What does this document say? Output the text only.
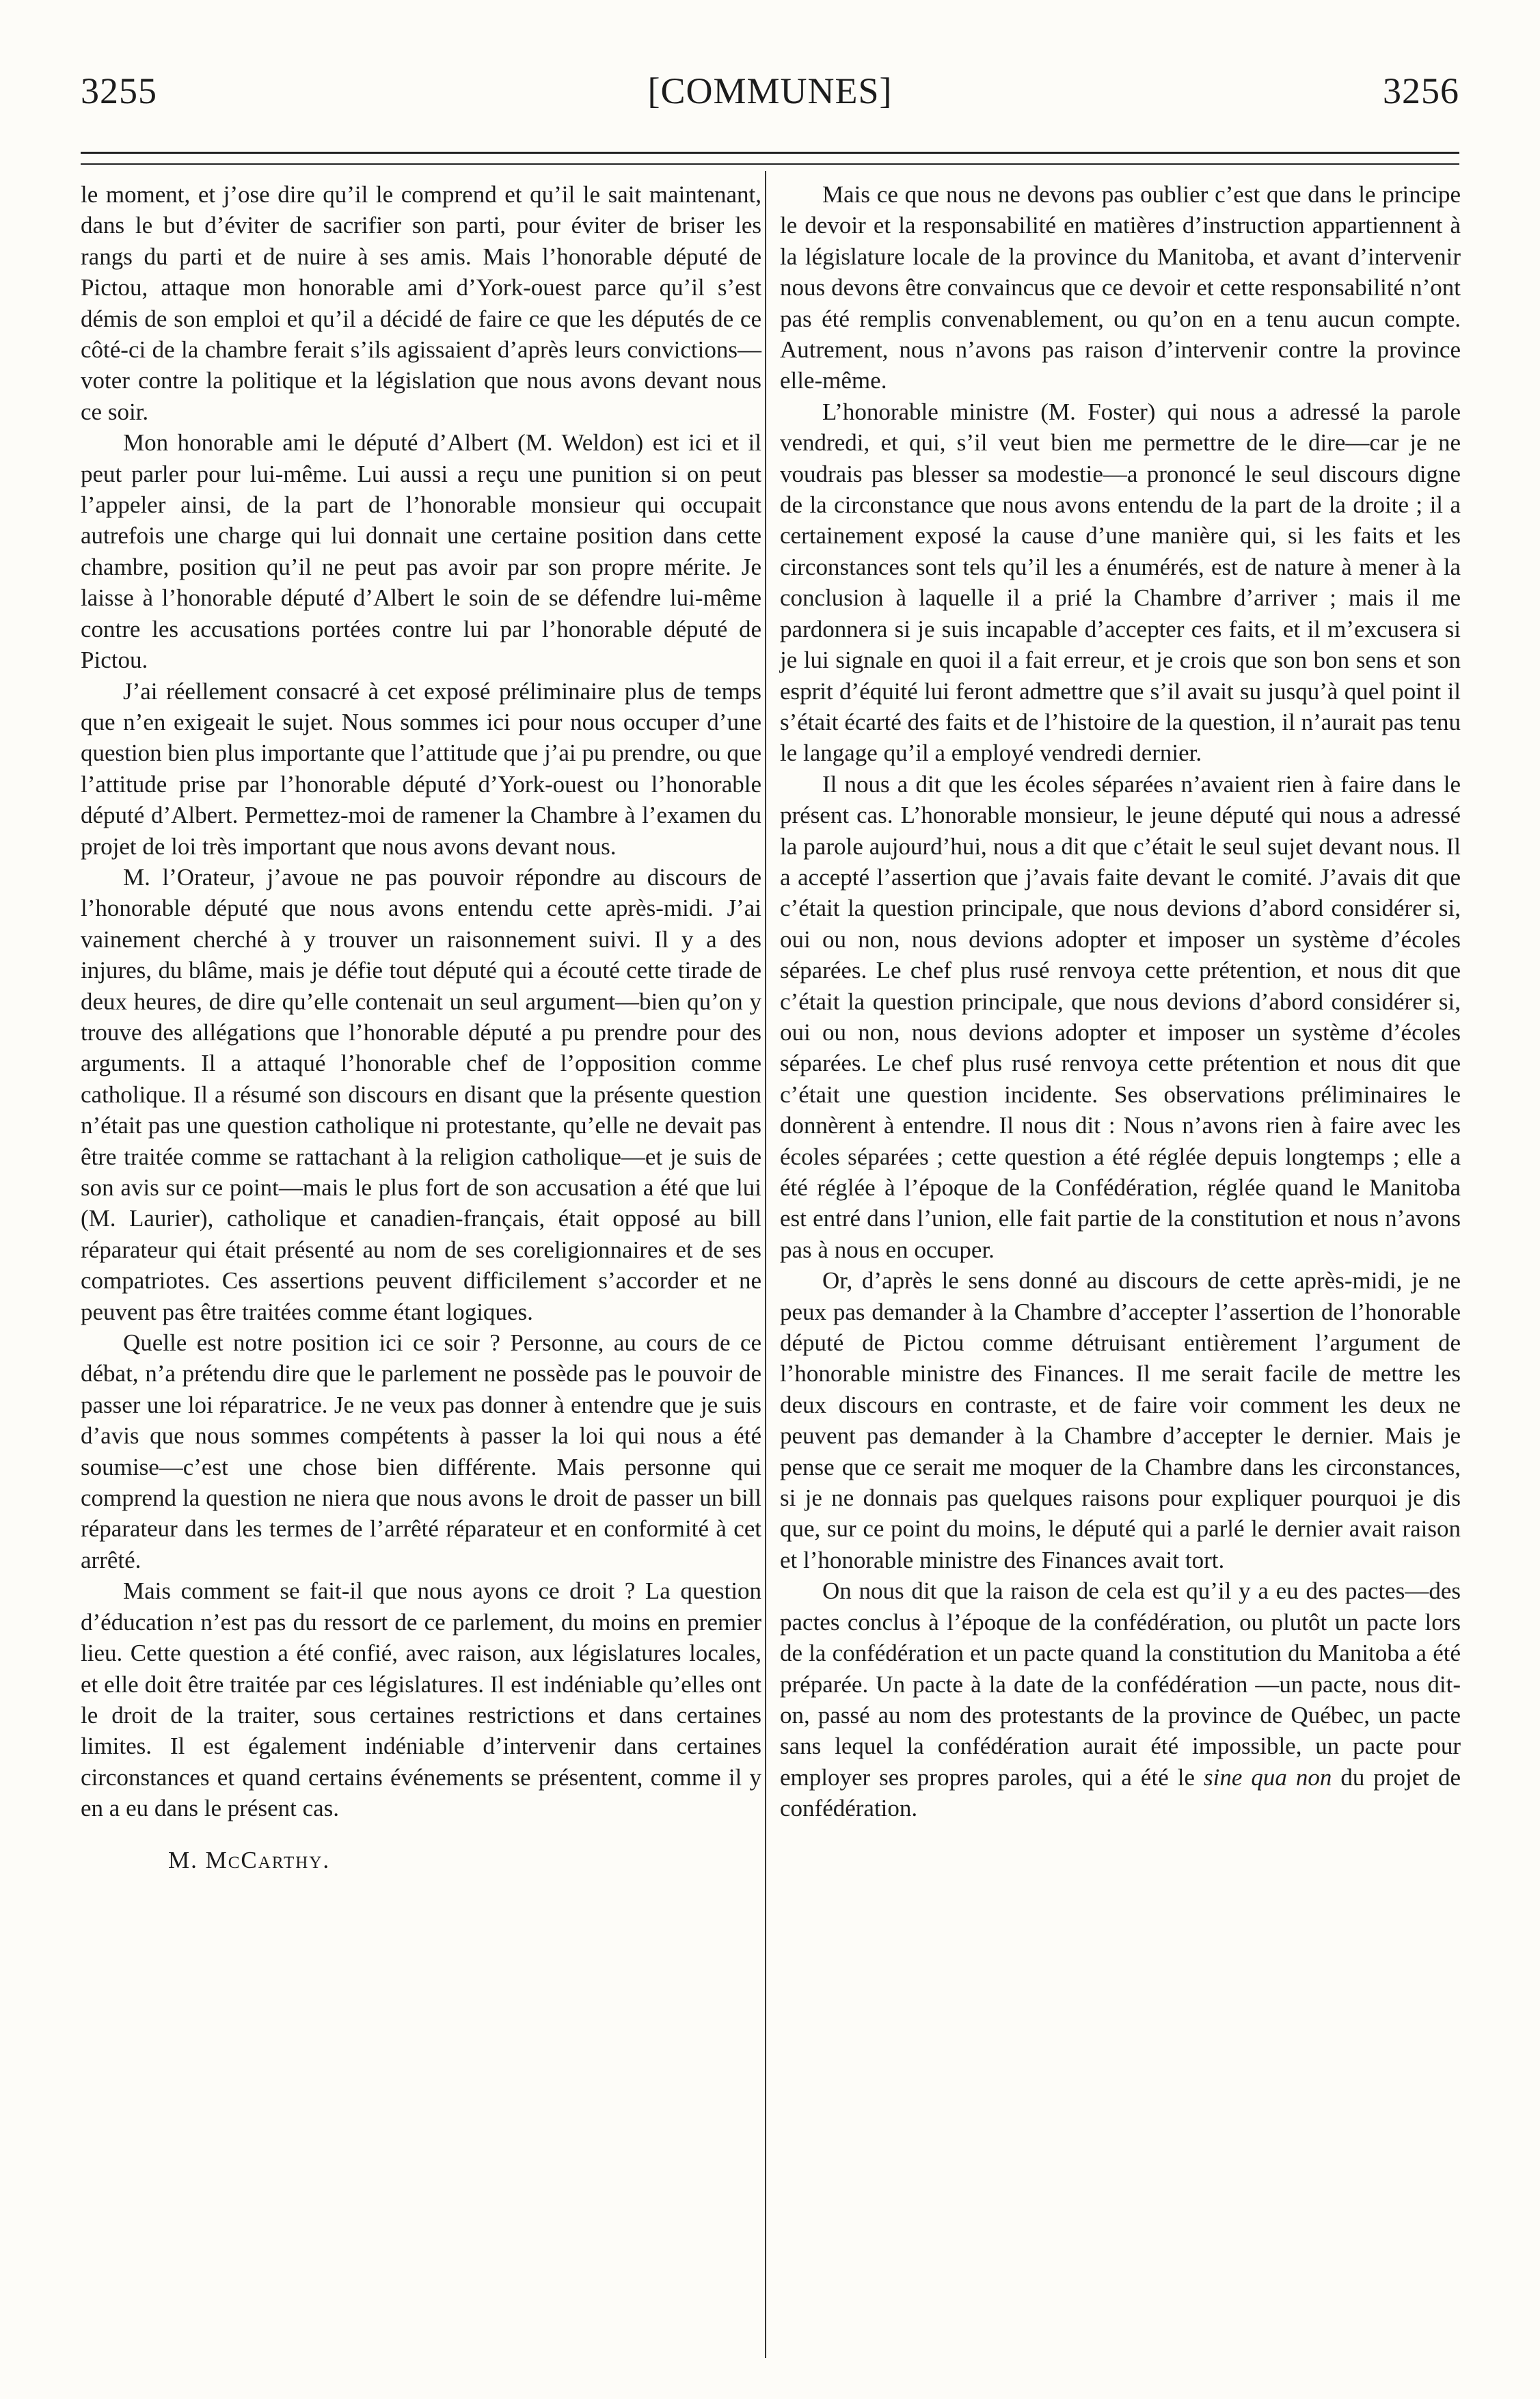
3255	[COMMUNES]	3256

le moment, et j’ose dire qu’il le comprend et qu’il le sait maintenant, dans le but d’éviter de sacrifier son parti, pour éviter de briser les rangs du parti et de nuire à ses amis. Mais l’honorable député de Pictou, attaque mon honorable ami d’York-ouest parce qu’il s’est démis de son emploi et qu’il a décidé de faire ce que les députés de ce côté-ci de la chambre ferait s’ils agissaient d’après leurs convictions—voter contre la politique et la législation que nous avons devant nous ce soir.

Mon honorable ami le député d’Albert (M. Weldon) est ici et il peut parler pour lui-même. Lui aussi a reçu une punition si on peut l’appeler ainsi, de la part de l’honorable monsieur qui occupait autrefois une charge qui lui donnait une certaine position dans cette chambre, position qu’il ne peut pas avoir par son propre mérite. Je laisse à l’honorable député d’Albert le soin de se défendre lui-même contre les accusations portées contre lui par l’honorable député de Pictou.

J’ai réellement consacré à cet exposé préliminaire plus de temps que n’en exigeait le sujet. Nous sommes ici pour nous occuper d’une question bien plus importante que l’attitude que j’ai pu prendre, ou que l’attitude prise par l’honorable député d’York-ouest ou l’honorable député d’Albert. Permettez-moi de ramener la Chambre à l’examen du projet de loi très important que nous avons devant nous.

M. l’Orateur, j’avoue ne pas pouvoir répondre au discours de l’honorable député que nous avons entendu cette après-midi. J’ai vainement cherché à y trouver un raisonnement suivi. Il y a des injures, du blâme, mais je défie tout député qui a écouté cette tirade de deux heures, de dire qu’elle contenait un seul argument—bien qu’on y trouve des allégations que l’honorable député a pu prendre pour des arguments. Il a attaqué l’honorable chef de l’opposition comme catholique. Il a résumé son discours en disant que la présente question n’était pas une question catholique ni protestante, qu’elle ne devait pas être traitée comme se rattachant à la religion catholique—et je suis de son avis sur ce point—mais le plus fort de son accusation a été que lui (M. Laurier), catholique et canadien-français, était opposé au bill réparateur qui était présenté au nom de ses coreligionnaires et de ses compatriotes. Ces assertions peuvent difficilement s’accorder et ne peuvent pas être traitées comme étant logiques.

Quelle est notre position ici ce soir ? Personne, au cours de ce débat, n’a prétendu dire que le parlement ne possède pas le pouvoir de passer une loi réparatrice. Je ne veux pas donner à entendre que je suis d’avis que nous sommes compétents à passer la loi qui nous a été soumise—c’est une chose bien différente. Mais personne qui comprend la question ne niera que nous avons le droit de passer un bill réparateur dans les termes de l’arrêté réparateur et en conformité à cet arrêté.

Mais comment se fait-il que nous ayons ce droit ? La question d’éducation n’est pas du ressort de ce parlement, du moins en premier lieu. Cette question a été confié, avec raison, aux législatures locales, et elle doit être traitée par ces législatures. Il est indéniable qu’elles ont le droit de la traiter, sous certaines restrictions et dans certaines limites. Il est également indéniable d’intervenir dans certaines circonstances et quand certains événements se présentent, comme il y en a eu dans le présent cas.

M. McCarthy.

Mais ce que nous ne devons pas oublier c’est que dans le principe le devoir et la responsabilité en matières d’instruction appartiennent à la législature locale de la province du Manitoba, et avant d’intervenir nous devons être convaincus que ce devoir et cette responsabilité n’ont pas été remplis convenablement, ou qu’on en a tenu aucun compte. Autrement, nous n’avons pas raison d’intervenir contre la province elle-même.

L’honorable ministre (M. Foster) qui nous a adressé la parole vendredi, et qui, s’il veut bien me permettre de le dire—car je ne voudrais pas blesser sa modestie—a prononcé le seul discours digne de la circonstance que nous avons entendu de la part de la droite ; il a certainement exposé la cause d’une manière qui, si les faits et les circonstances sont tels qu’il les a énumérés, est de nature à mener à la conclusion à laquelle il a prié la Chambre d’arriver ; mais il me pardonnera si je suis incapable d’accepter ces faits, et il m’excusera si je lui signale en quoi il a fait erreur, et je crois que son bon sens et son esprit d’équité lui feront admettre que s’il avait su jusqu’à quel point il s’était écarté des faits et de l’histoire de la question, il n’aurait pas tenu le langage qu’il a employé vendredi dernier.

Il nous a dit que les écoles séparées n’avaient rien à faire dans le présent cas. L’honorable monsieur, le jeune député qui nous a adressé la parole aujourd’hui, nous a dit que c’était le seul sujet devant nous. Il a accepté l’assertion que j’avais faite devant le comité. J’avais dit que c’était la question principale, que nous devions d’abord considérer si, oui ou non, nous devions adopter et imposer un système d’écoles séparées. Le chef plus rusé renvoya cette prétention, et nous dit que c’était la question principale, que nous devions d’abord considérer si, oui ou non, nous devions adopter et imposer un système d’écoles séparées. Le chef plus rusé renvoya cette prétention et nous dit que c’était une question incidente. Ses observations préliminaires le donnèrent à entendre. Il nous dit : Nous n’avons rien à faire avec les écoles séparées ; cette question a été réglée depuis longtemps ; elle a été réglée à l’époque de la Confédération, réglée quand le Manitoba est entré dans l’union, elle fait partie de la constitution et nous n’avons pas à nous en occuper.

Or, d’après le sens donné au discours de cette après-midi, je ne peux pas demander à la Chambre d’accepter l’assertion de l’honorable député de Pictou comme détruisant entièrement l’argument de l’honorable ministre des Finances. Il me serait facile de mettre les deux discours en contraste, et de faire voir comment les deux ne peuvent pas demander à la Chambre d’accepter le dernier. Mais je pense que ce serait me moquer de la Chambre dans les circonstances, si je ne donnais pas quelques raisons pour expliquer pourquoi je dis que, sur ce point du moins, le député qui a parlé le dernier avait raison et l’honorable ministre des Finances avait tort.

On nous dit que la raison de cela est qu’il y a eu des pactes—des pactes conclus à l’époque de la confédération, ou plutôt un pacte lors de la confédération et un pacte quand la constitution du Manitoba a été préparée. Un pacte à la date de la confédération —un pacte, nous dit-on, passé au nom des protestants de la province de Québec, un pacte sans lequel la confédération aurait été impossible, un pacte pour employer ses propres paroles, qui a été le sine qua non du projet de confédération.
